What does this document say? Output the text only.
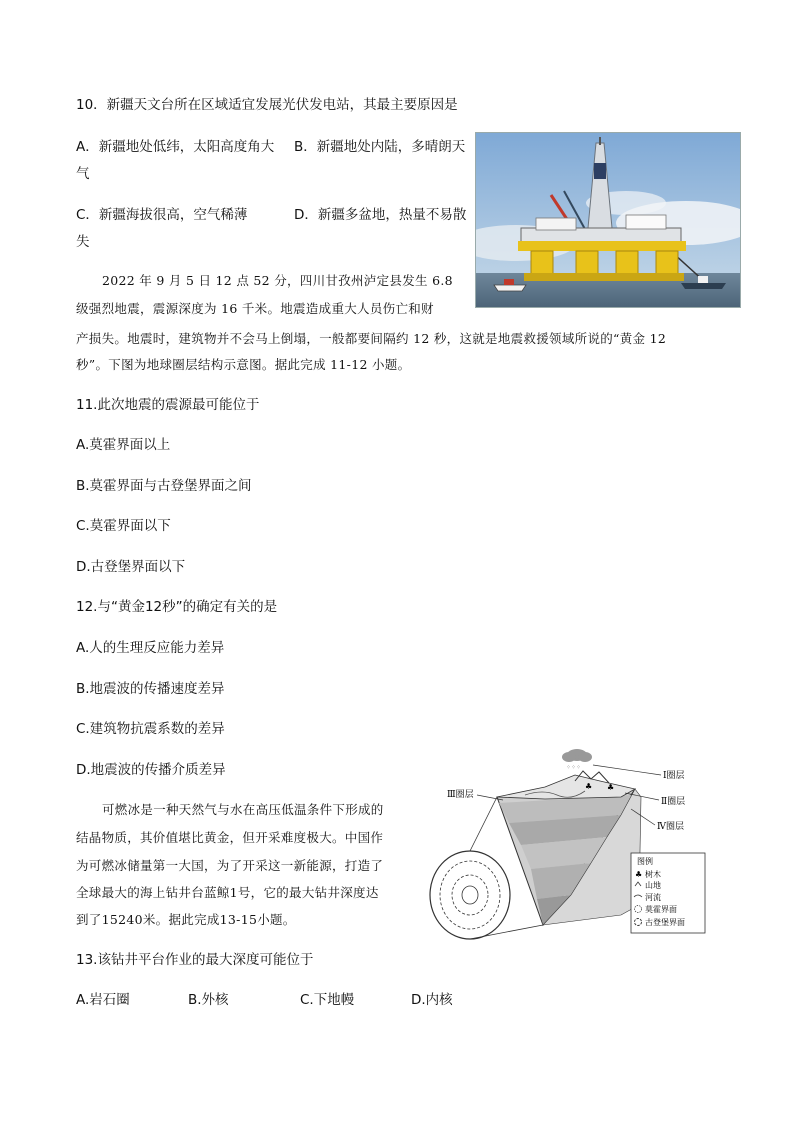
10．新疆天文台所在区域适宜发展光伏发电站，其最主要原因是
A．新疆地处低纬，太阳高度角大 B．新疆地处内陆，多晴朗天
气
C．新疆海拔很高，空气稀薄	D．新疆多盆地，热量不易散
失
2022 年 9 月 5 日 12 点 52 分，四川甘孜州泸定县发生 6.8
级强烈地震，震源深度为 16 千米。地震造成重大人员伤亡和财
产损失。地震时，建筑物并不会马上倒塌，一般都要间隔约 12 秒，这就是地震救援领域所说的“黄金 12
秒”。下图为地球圈层结构示意图。据此完成 11-12 小题。
11.此次地震的震源最可能位于
A.莫霍界面以上
B.莫霍界面与古登堡界面之间
C.莫霍界面以下
D.古登堡界面以下
12.与“黄金12秒”的确定有关的是
A.人的生理反应能力差异
B.地震波的传播速度差异
C.建筑物抗震系数的差异
D.地震波的传播介质差异
可燃冰是一种天然气与水在高压低温条件下形成的
结晶物质，其价值堪比黄金，但开采难度极大。中国作
为可燃冰储量第一大国，为了开采这一新能源，打造了
全球最大的海上钻井台蓝鲸1号，它的最大钻井深度达
到了15240米。据此完成13-15小题。
⁘⁘⁘
♣ ♣
Ⅰ圈层
Ⅱ圈层
Ⅳ圈层
Ⅲ圈层
图例
♣ 树木
山地
河流
莫霍界面
古登堡界面
13.该钻井平台作业的最大深度可能位于
A.岩石圈	B.外核	C.下地幔	D.内核
